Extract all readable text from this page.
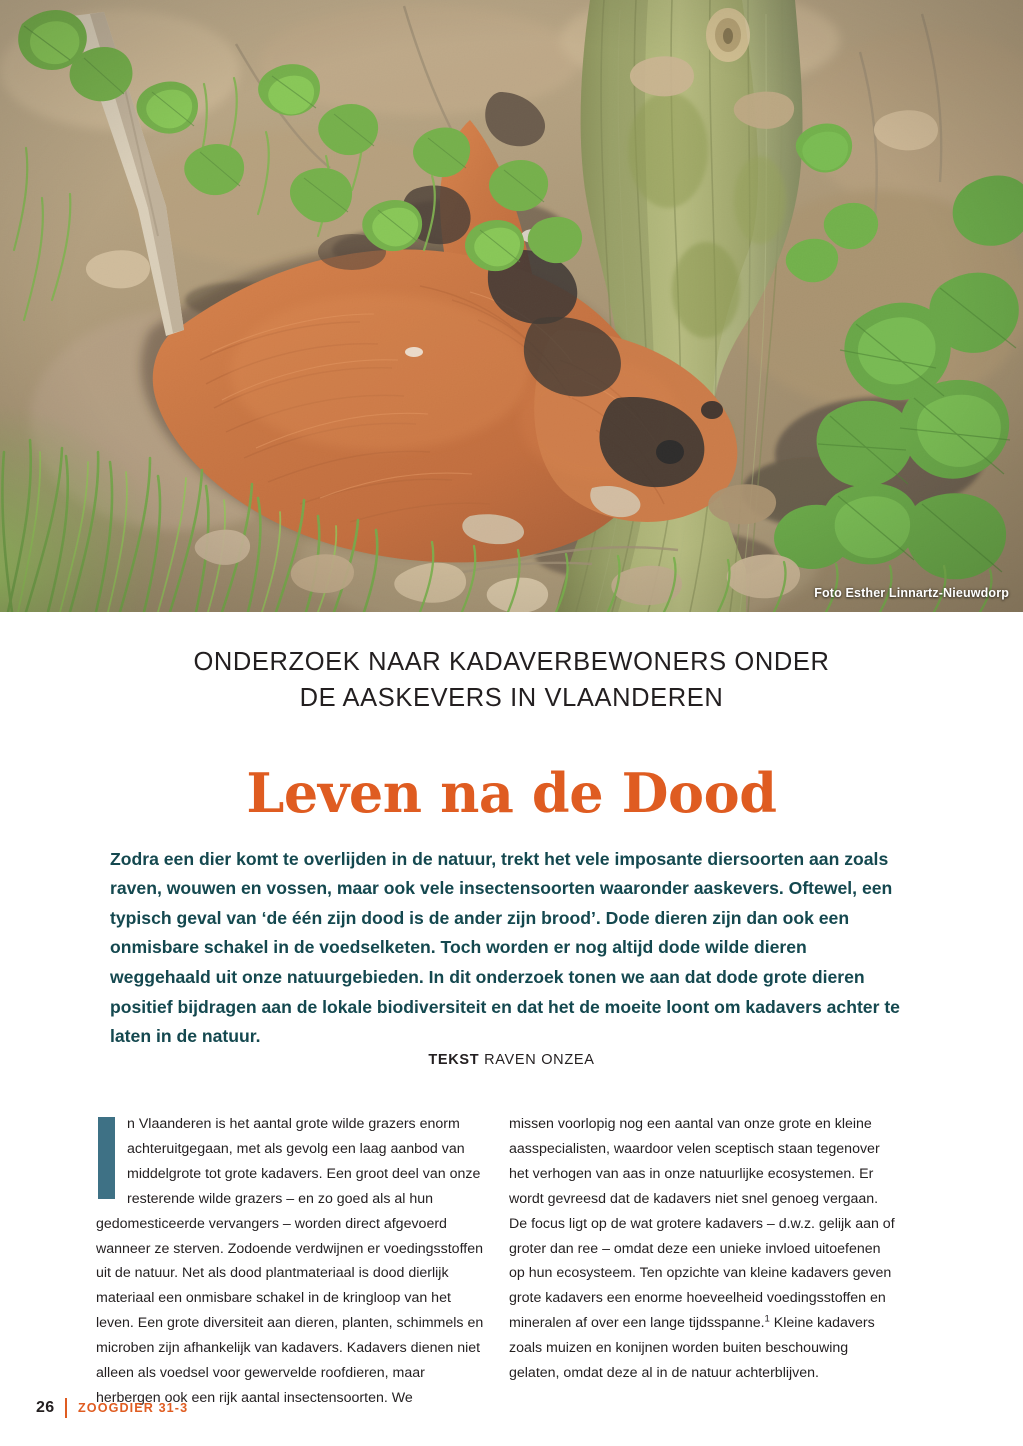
Foto Esther Linnartz-Nieuwdorp
ONDERZOEK NAAR KADAVERBEWONERS ONDER
DE AASKEVERS IN VLAANDEREN
Leven na de Dood

Zodra een dier komt te overlijden in de natuur, trekt het vele imposante diersoorten aan zoals raven, wouwen en vossen, maar ook vele insectensoorten waaronder aaskevers. Oftewel, een typisch geval van ‘de één zijn dood is de ander zijn brood’. Dode dieren zijn dan ook een onmisbare schakel in de voedselketen. Toch worden er nog altijd dode wilde dieren weggehaald uit onze natuurgebieden. In dit onderzoek tonen we aan dat dode grote dieren positief bijdragen aan de lokale biodiversiteit en dat het de moeite loont om kadavers achter te laten in de natuur.

TEKST RAVEN ONZEA
n Vlaanderen is het aantal grote wilde grazers enorm achteruitgegaan, met als gevolg een laag aanbod van middelgrote tot grote kadavers. Een groot deel van onze resterende wilde grazers – en zo goed als al hun gedomesticeerde vervangers – worden direct afgevoerd wanneer ze sterven. Zodoende verdwijnen er voedingsstoffen uit de natuur. Net als dood plantmateriaal is dood dierlijk materiaal een onmisbare schakel in de kringloop van het leven. Een grote diversiteit aan dieren, planten, schimmels en microben zijn afhankelijk van kadavers. Kadavers dienen niet alleen als voedsel voor gewervelde roofdieren, maar herbergen ook een rijk aantal insectensoorten. We
missen voorlopig nog een aantal van onze grote en kleine aasspecialisten, waardoor velen sceptisch staan tegenover het verhogen van aas in onze natuurlijke ecosystemen. Er wordt gevreesd dat de kadavers niet snel genoeg vergaan. De focus ligt op de wat grotere kadavers – d.w.z. gelijk aan of groter dan ree – omdat deze een unieke invloed uitoefenen op hun ecosysteem. Ten opzichte van kleine kadavers geven grote kadavers een enorme hoeveelheid voedingsstoffen en mineralen af over een lange tijdsspanne.$^1$ Kleine kadavers zoals muizen en konijnen worden buiten beschouwing gelaten, omdat deze al in de natuur achterblijven.
26 ZOOGDIER 31-3
